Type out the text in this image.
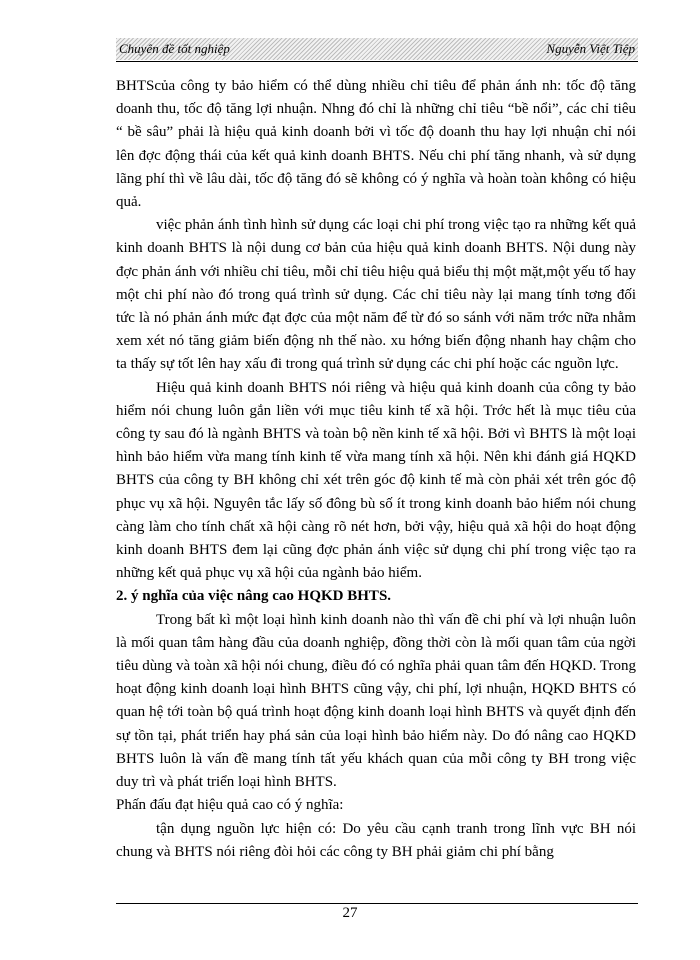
Chuyên đề tốt nghiệp	Nguyễn Việt Tiệp

BHTScủa công ty bảo hiểm có thể dùng nhiều chỉ tiêu để phản ánh nh: tốc độ tăng doanh thu, tốc độ tăng lợi nhuận. Nhng đó chỉ là những chỉ tiêu “bề nổi”, các chỉ tiêu “ bề sâu” phải là hiệu quả kinh doanh bởi vì tốc độ doanh thu hay lợi nhuận chỉ nói lên đợc động thái của kết quả kinh doanh BHTS. Nếu chi phí tăng nhanh, và sử dụng lãng phí thì về lâu dài, tốc độ tăng đó sẽ không có ý nghĩa và hoàn toàn không có hiệu quả.

việc phản ánh tình hình sử dụng các loại chi phí trong việc tạo ra những kết quả kinh doanh BHTS là nội dung cơ bản của hiệu quả kinh doanh BHTS. Nội dung này đợc phản ánh với nhiều chỉ tiêu, mỗi chỉ tiêu hiệu quả biểu thị một mặt,một yếu tố hay một chi phí nào đó trong quá trình sử dụng. Các chỉ tiêu này lại mang tính tơng đối tức là nó phản ánh mức đạt đợc của một năm để từ đó so sánh với năm trớc nữa nhằm xem xét nó tăng giảm biến động nh thế nào. xu hớng biến động nhanh hay chậm cho ta thấy sự tốt lên hay xấu đi trong quá trình sử dụng các chi phí hoặc các nguồn lực.

Hiệu quả kinh doanh BHTS nói riêng và hiệu quả kinh doanh của công ty bảo hiểm nói chung luôn gắn liền với mục tiêu kinh tế xã hội. Trớc hết là mục tiêu của công ty sau đó là ngành BHTS và toàn bộ nền kinh tế xã hội. Bởi vì BHTS là một loại hình bảo hiểm vừa mang tính kinh tế vừa mang tính xã hội. Nên khi đánh giá HQKD BHTS của công ty BH không chỉ xét trên góc độ kinh tế mà còn phải xét trên góc độ phục vụ xã hội. Nguyên tắc lấy số đông bù số ít trong kinh doanh bảo hiểm nói chung càng làm cho tính chất xã hội càng rõ nét hơn, bởi vậy, hiệu quả xã hội do hoạt động kinh doanh BHTS đem lại cũng đợc phản ánh việc sử dụng chi phí trong việc tạo ra những kết quả phục vụ xã hội của ngành bảo hiểm.

2. ý nghĩa của việc nâng cao HQKD BHTS.

Trong bất kì một loại hình kinh doanh nào thì vấn đề chi phí và lợi nhuận luôn là mối quan tâm hàng đầu của doanh nghiệp, đồng thời còn là mối quan tâm của ngời tiêu dùng và toàn xã hội nói chung, điều đó có nghĩa phải quan tâm đến HQKD. Trong hoạt động kinh doanh loại hình BHTS cũng vậy, chi phí, lợi nhuận, HQKD BHTS có quan hệ tới toàn bộ quá trình hoạt động kinh doanh loại hình BHTS và quyết định đến sự tồn tại, phát triển hay phá sản của loại hình bảo hiểm này. Do đó nâng cao HQKD BHTS luôn là vấn đề mang tính tất yếu khách quan của mỗi công ty BH trong việc duy trì và phát triển loại hình BHTS.

Phấn đấu đạt hiệu quả cao có ý nghĩa:

tận dụng nguồn lực hiện có: Do yêu cầu cạnh tranh trong lĩnh vực BH nói chung và BHTS nói riêng đòi hỏi các công ty BH phải giảm chi phí bằng

27
